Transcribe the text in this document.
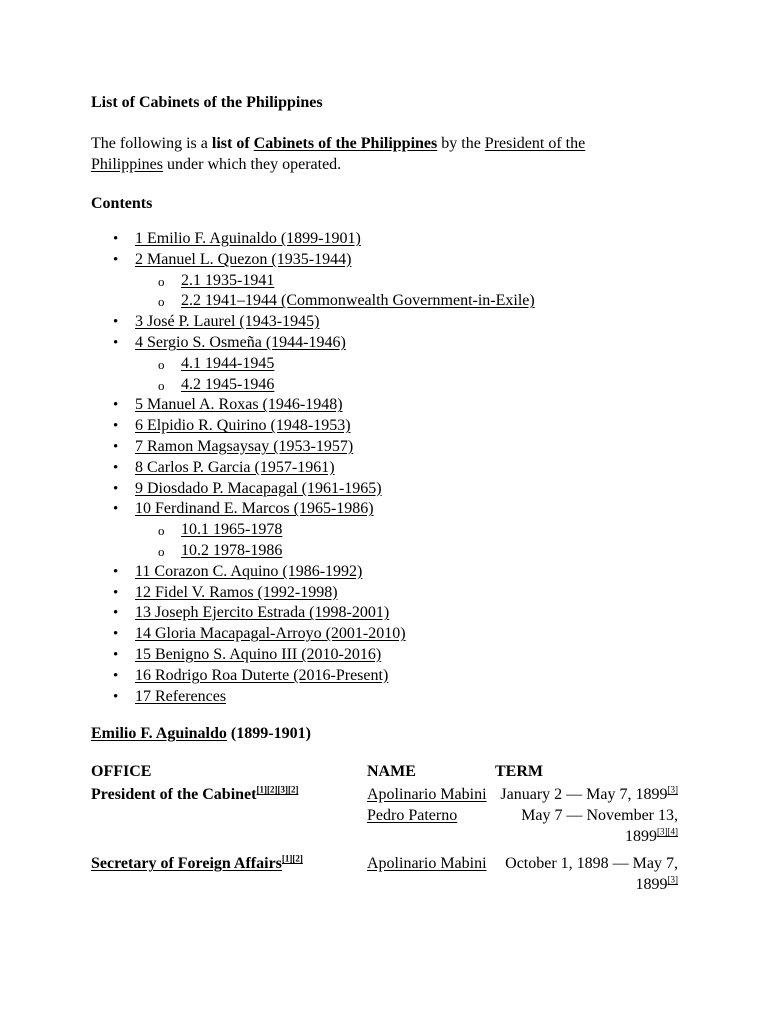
List of Cabinets of the Philippines

The following is a list of Cabinets of the Philippines by the President of the Philippines under which they operated.

Contents

• 1 Emilio F. Aguinaldo (1899-1901)
• 2 Manuel L. Quezon (1935-1944)
o 2.1 1935-1941
o 2.2 1941–1944 (Commonwealth Government-in-Exile)
• 3 José P. Laurel (1943-1945)
• 4 Sergio S. Osmeña (1944-1946)
o 4.1 1944-1945
o 4.2 1945-1946
• 5 Manuel A. Roxas (1946-1948)
• 6 Elpidio R. Quirino (1948-1953)
• 7 Ramon Magsaysay (1953-1957)
• 8 Carlos P. Garcia (1957-1961)
• 9 Diosdado P. Macapagal (1961-1965)
• 10 Ferdinand E. Marcos (1965-1986)
o 10.1 1965-1978
o 10.2 1978-1986
• 11 Corazon C. Aquino (1986-1992)
• 12 Fidel V. Ramos (1992-1998)
• 13 Joseph Ejercito Estrada (1998-2001)
• 14 Gloria Macapagal-Arroyo (2001-2010)
• 15 Benigno S. Aquino III (2010-2016)
• 16 Rodrigo Roa Duterte (2016-Present)
• 17 References

Emilio F. Aguinaldo (1899-1901)

OFFICE	NAME	TERM
President of the Cabinet[1][2][3][2]	Apolinario Mabini	January 2 — May 7, 1899[3]
	Pedro Paterno	May 7 — November 13, 1899[3][4]
Secretary of Foreign Affairs[1][2]	Apolinario Mabini	October 1, 1898 — May 7, 1899[3]
